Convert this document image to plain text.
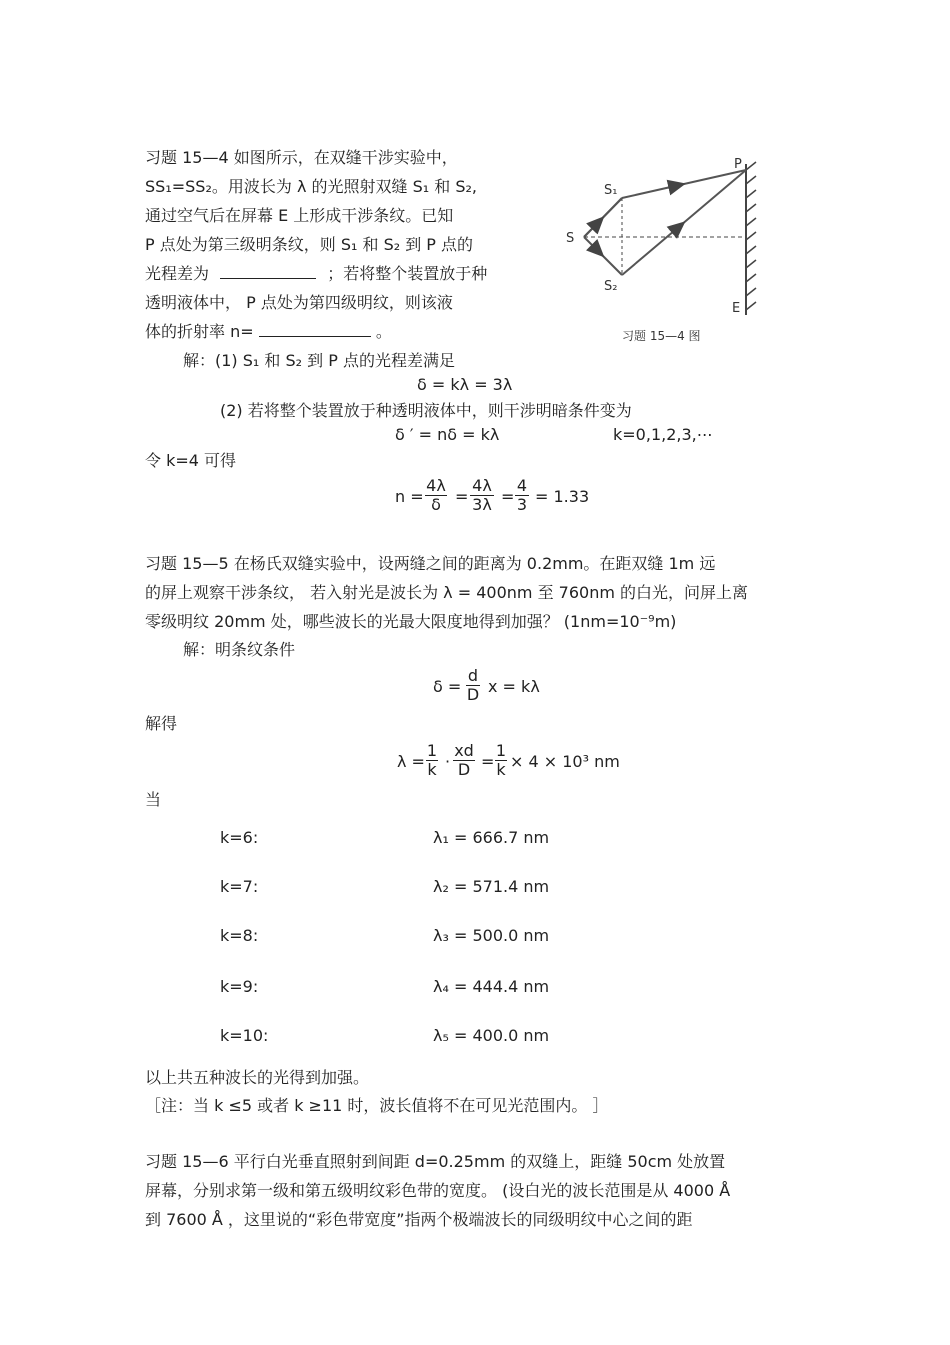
习题 15—4 如图所示，在双缝干涉实验中，
SS₁=SS₂。用波长为 λ 的光照射双缝 S₁ 和 S₂,
通过空气后在屏幕 E 上形成干涉条纹。已知
P 点处为第三级明条纹，则 S₁ 和 S₂ 到 P 点的
光程差为	；若将整个装置放于种
透明液体中， P 点处为第四级明纹，则该液
体的折射率 n=	。
P
S₁
S
S₂
E
习题 15—4 图
解：(1) S₁ 和 S₂ 到 P 点的光程差满足
δ = kλ = 3λ
(2) 若将整个装置放于种透明液体中，则干涉明暗条件变为
δ ′ = nδ = kλ	k=0,1,2,3,⋯
令 k=4 可得
$n = \frac{4\lambda}{\delta} = \frac{4\lambda}{3\lambda} = \frac{4}{3} = 1.33$
习题 15—5 在杨氏双缝实验中，设两缝之间的距离为 0.2mm。在距双缝 1m 远
的屏上观察干涉条纹， 若入射光是波长为 λ = 400nm 至 760nm 的白光，问屏上离
零级明纹 20mm 处，哪些波长的光最大限度地得到加强？ (1nm=10⁻⁹m)
解：明条纹条件
$\delta = \frac{d}{D}$ x = kλ
解得
$\lambda = \frac{1}{k} \cdot \frac{xd}{D} = \frac{1}{k} \times 4 \times 10^3$ nm
当
k=6:	λ₁ = 666.7 nm
k=7:	λ₂ = 571.4 nm
k=8:	λ₃ = 500.0 nm
k=9:	λ₄ = 444.4 nm
k=10:	λ₅ = 400.0 nm
以上共五种波长的光得到加强。
［注：当 k ≤5 或者 k ≥11 时，波长值将不在可见光范围内。 ］
习题 15—6 平行白光垂直照射到间距 d=0.25mm 的双缝上，距缝 50cm 处放置
屏幕，分别求第一级和第五级明纹彩色带的宽度。 (设白光的波长范围是从 4000 Å
到 7600 Å ，这里说的“彩色带宽度”指两个极端波长的同级明纹中心之间的距
